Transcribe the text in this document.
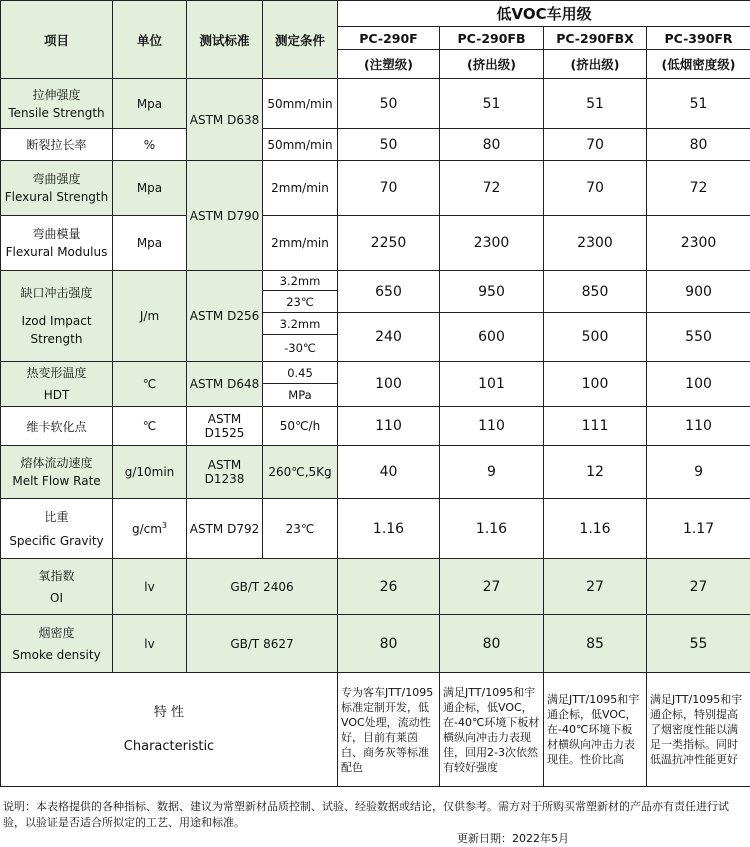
项目	单位	测试标准	测定条件	低VOC车用级			
				PC-290F	PC-290FB	PC-290FBX	PC-390FR
				(注塑级)	(挤出级)	(挤出级)	(低烟密度级)

拉伸强度
Tensile Strength	Mpa	ASTM D638	50mm/min	50	51	51	51
断裂拉长率	%		50mm/min	50	80	70	80

弯曲强度
Flexural Strength	Mpa	ASTM D790	2mm/min	70	72	70	72

弯曲模量
Flexural Modulus	Mpa		2mm/min	2250	2300	2300	2300

缺口冲击强度
Izod Impact Strength	J/m	ASTM D256	3.2mm	650	950	850	900
			23℃				
			3.2mm	240	600	500	550
			-30℃				

热变形温度
HDT	℃	ASTM D648	0.45	100	101	100	100
			MPa				
维卡软化点	℃	ASTM D1525	50℃/h	110	110	111	110

熔体流动速度
Melt Flow Rate	g/10min	ASTM D1238	260℃,5Kg	40	9	12	9

比重
Specific Gravity	$g/cm^3$	ASTM D792	23℃	1.16	1.16	1.16	1.17

氧指数
OI	lv	GB/T 2406		26	27	27	27

烟密度
Smoke density	lv	GB/T 8627		80	80	85	55

特 性
Characteristic				专为客车JTT/1095标准定制开发，低VOC处理，流动性好，目前有莱茵白、商务灰等标准配色	满足JTT/1095和宇通企标，低VOC，在-40℃环境下板材横纵向冲击力表现佳，回用2-3次依然有较好强度	满足JTT/1095和宇通企标，低VOC，在-40℃环境下板材横纵向冲击力表现佳。性价比高	满足JTT/1095和宇通企标，特别提高了烟密度性能以满足一类指标。同时低温抗冲性能更好
说明：本表格提供的各种指标、数据、建议为常塑新材品质控制、试验、经验数据或结论，仅供参考。需方对于所购买常塑新材的产品亦有责任进行试验，以验证是否适合所拟定的工艺、用途和标准。
更新日期：2022年5月
